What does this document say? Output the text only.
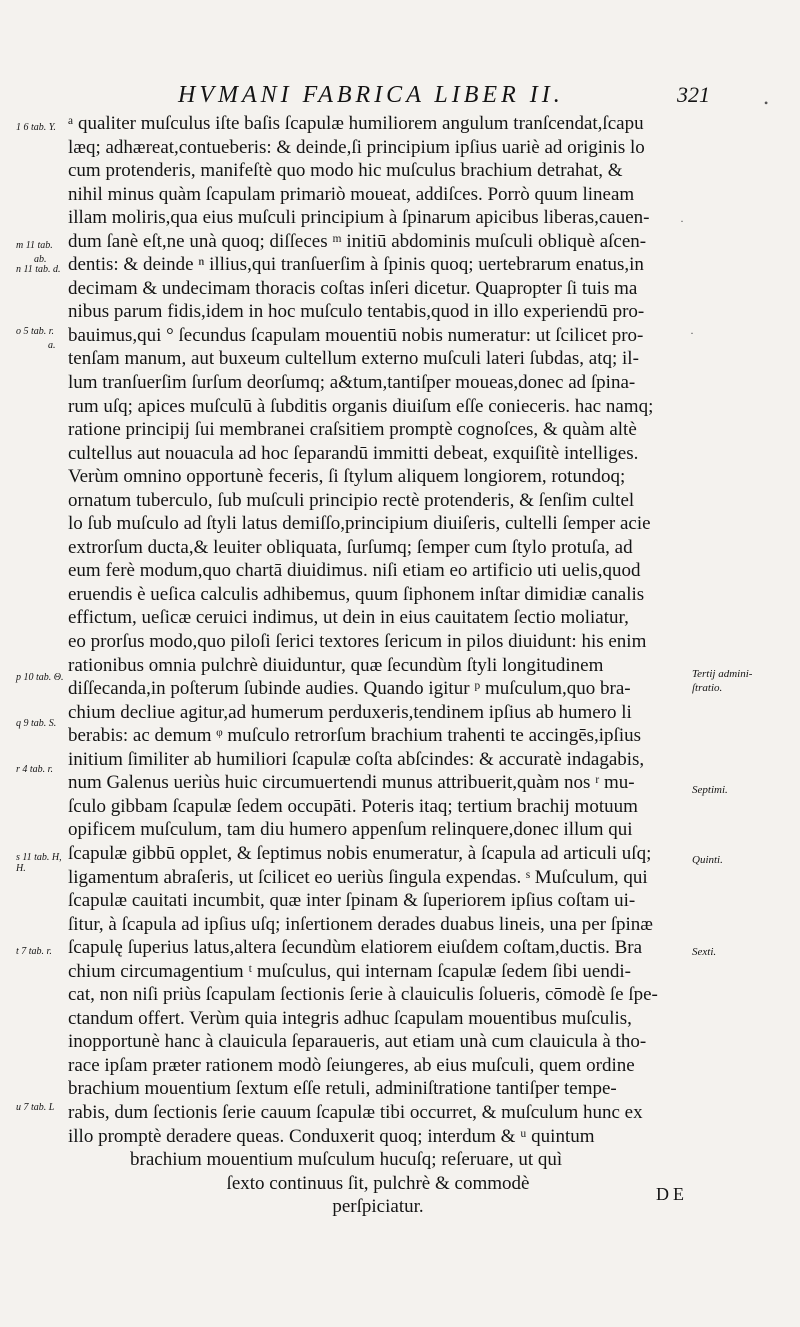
HVMANI FABRICA LIBER II.	321
ᵃ qualiter muſculus iſte baſis ſcapulæ humiliorem angulum tranſcendat,ſcapu
læq; adhæreat,contueberis: & deinde,ſi principium ipſius uariè ad originis lo
cum protenderis, manifeſtè quo modo hic muſculus brachium detrahat, &
nihil minus quàm ſcapulam primariò moueat, addiſces. Porrò quum lineam
illam moliris,qua eius muſculi principium à ſpinarum apicibus liberas,cauen-
dum ſanè eſt,ne unà quoq; diſſeces ᵐ initiū abdominis muſculi obliquè aſcen-
dentis: & deinde ⁿ illius,qui tranſuerſim à ſpinis quoq; uertebrarum enatus,in
decimam & undecimam thoracis coſtas inſeri dicetur. Quapropter ſi tuis ma
nibus parum fidis,idem in hoc muſculo tentabis,quod in illo experiendū pro-
bauimus,qui ° ſecundus ſcapulam mouentiū nobis numeratur: ut ſcilicet pro-
tenſam manum, aut buxeum cultellum externo muſculi lateri ſubdas, atq; il-
lum tranſuerſim ſurſum deorſumq; a&tum,tantiſper moueas,donec ad ſpina-
rum uſq; apices muſculū à ſubditis organis diuiſum eſſe conieceris. hac namq;
ratione principij ſui membranei craſsitiem promptè cognoſces, & quàm altè
cultellus aut nouacula ad hoc ſeparandū immitti debeat, exquiſitè intelliges.
Verùm omnino opportunè feceris, ſi ſtylum aliquem longiorem, rotundoq;
ornatum tuberculo, ſub muſculi principio rectè protenderis, & ſenſim cultel
lo ſub muſculo ad ſtyli latus demiſſo,principium diuiſeris, cultelli ſemper acie
extrorſum ducta,& leuiter obliquata, ſurſumq; ſemper cum ſtylo protuſa, ad
eum ferè modum,quo chartā diuidimus. niſi etiam eo artificio uti uelis,quod
eruendis è ueſica calculis adhibemus, quum ſiphonem inſtar dimidiæ canalis
effictum, ueſicæ ceruici indimus, ut dein in eius cauitatem ſectio moliatur,
eo prorſus modo,quo piloſi ſerici textores ſericum in pilos diuidunt: his enim
rationibus omnia pulchrè diuiduntur, quæ ſecundùm ſtyli longitudinem
diſſecanda,in poſterum ſubinde audies. Quando igitur ᵖ muſculum,quo bra-
chium decliue agitur,ad humerum perduxeris,tendinem ipſius ab humero li
berabis: ac demum ᵠ muſculo retrorſum brachium trahenti te accingēs,ipſius
initium ſimiliter ab humiliori ſcapulæ coſta abſcindes: & accuratè indagabis,
num Galenus ueriùs huic circumuertendi munus attribuerit,quàm nos ʳ mu-
ſculo gibbam ſcapulæ ſedem occupāti. Poteris itaq; tertium brachij motuum
opificem muſculum, tam diu humero appenſum relinquere,donec illum qui
ſcapulæ gibbū opplet, & ſeptimus nobis enumeratur, à ſcapula ad articuli uſq;
ligamentum abraſeris, ut ſcilicet eo ueriùs ſingula expendas. ˢ Muſculum, qui
ſcapulæ cauitati incumbit, quæ inter ſpinam & ſuperiorem ipſius coſtam ui-
ſitur, à ſcapula ad ipſius uſq; inſertionem derades duabus lineis, una per ſpinæ
ſcapulę ſuperius latus,altera ſecundùm elatiorem eiuſdem coſtam,ductis. Bra
chium circumagentium ᵗ muſculus, qui internam ſcapulæ ſedem ſibi uendi-
cat, non niſi priùs ſcapulam ſectionis ſerie à clauiculis ſolueris, cōmodè ſe ſpe-
ctandum offert. Verùm quia integris adhuc ſcapulam mouentibus muſculis,
inopportunè hanc à clauicula ſeparaueris, aut etiam unà cum clauicula à tho-
race ipſam præter rationem modò ſeiungeres, ab eius muſculi, quem ordine
brachium mouentium ſextum eſſe retuli, adminiſtratione tantiſper tempe-
rabis, dum ſectionis ſerie cauum ſcapulæ tibi occurret, & muſculum hunc ex
illo promptè deradere queas. Conduxerit quoq; interdum & ᵘ quintum
brachium mouentium muſculum hucuſq; reſeruare, ut quì
ſexto continuus ſit, pulchrè & commodè
perſpiciatur.
1 6 tab. Y.
m 11 tab.
ab.
n 11 tab. d.
o 5 tab. r.
a.
p 10 tab. Θ.
q 9 tab. S.
r 4 tab. r.
s 11 tab. H, H.
t 7 tab. r.
u 7 tab. L
Tertij admini-
ſtratio.
Septimi.
Quinti.
Sexti.
DE
•
·
·
